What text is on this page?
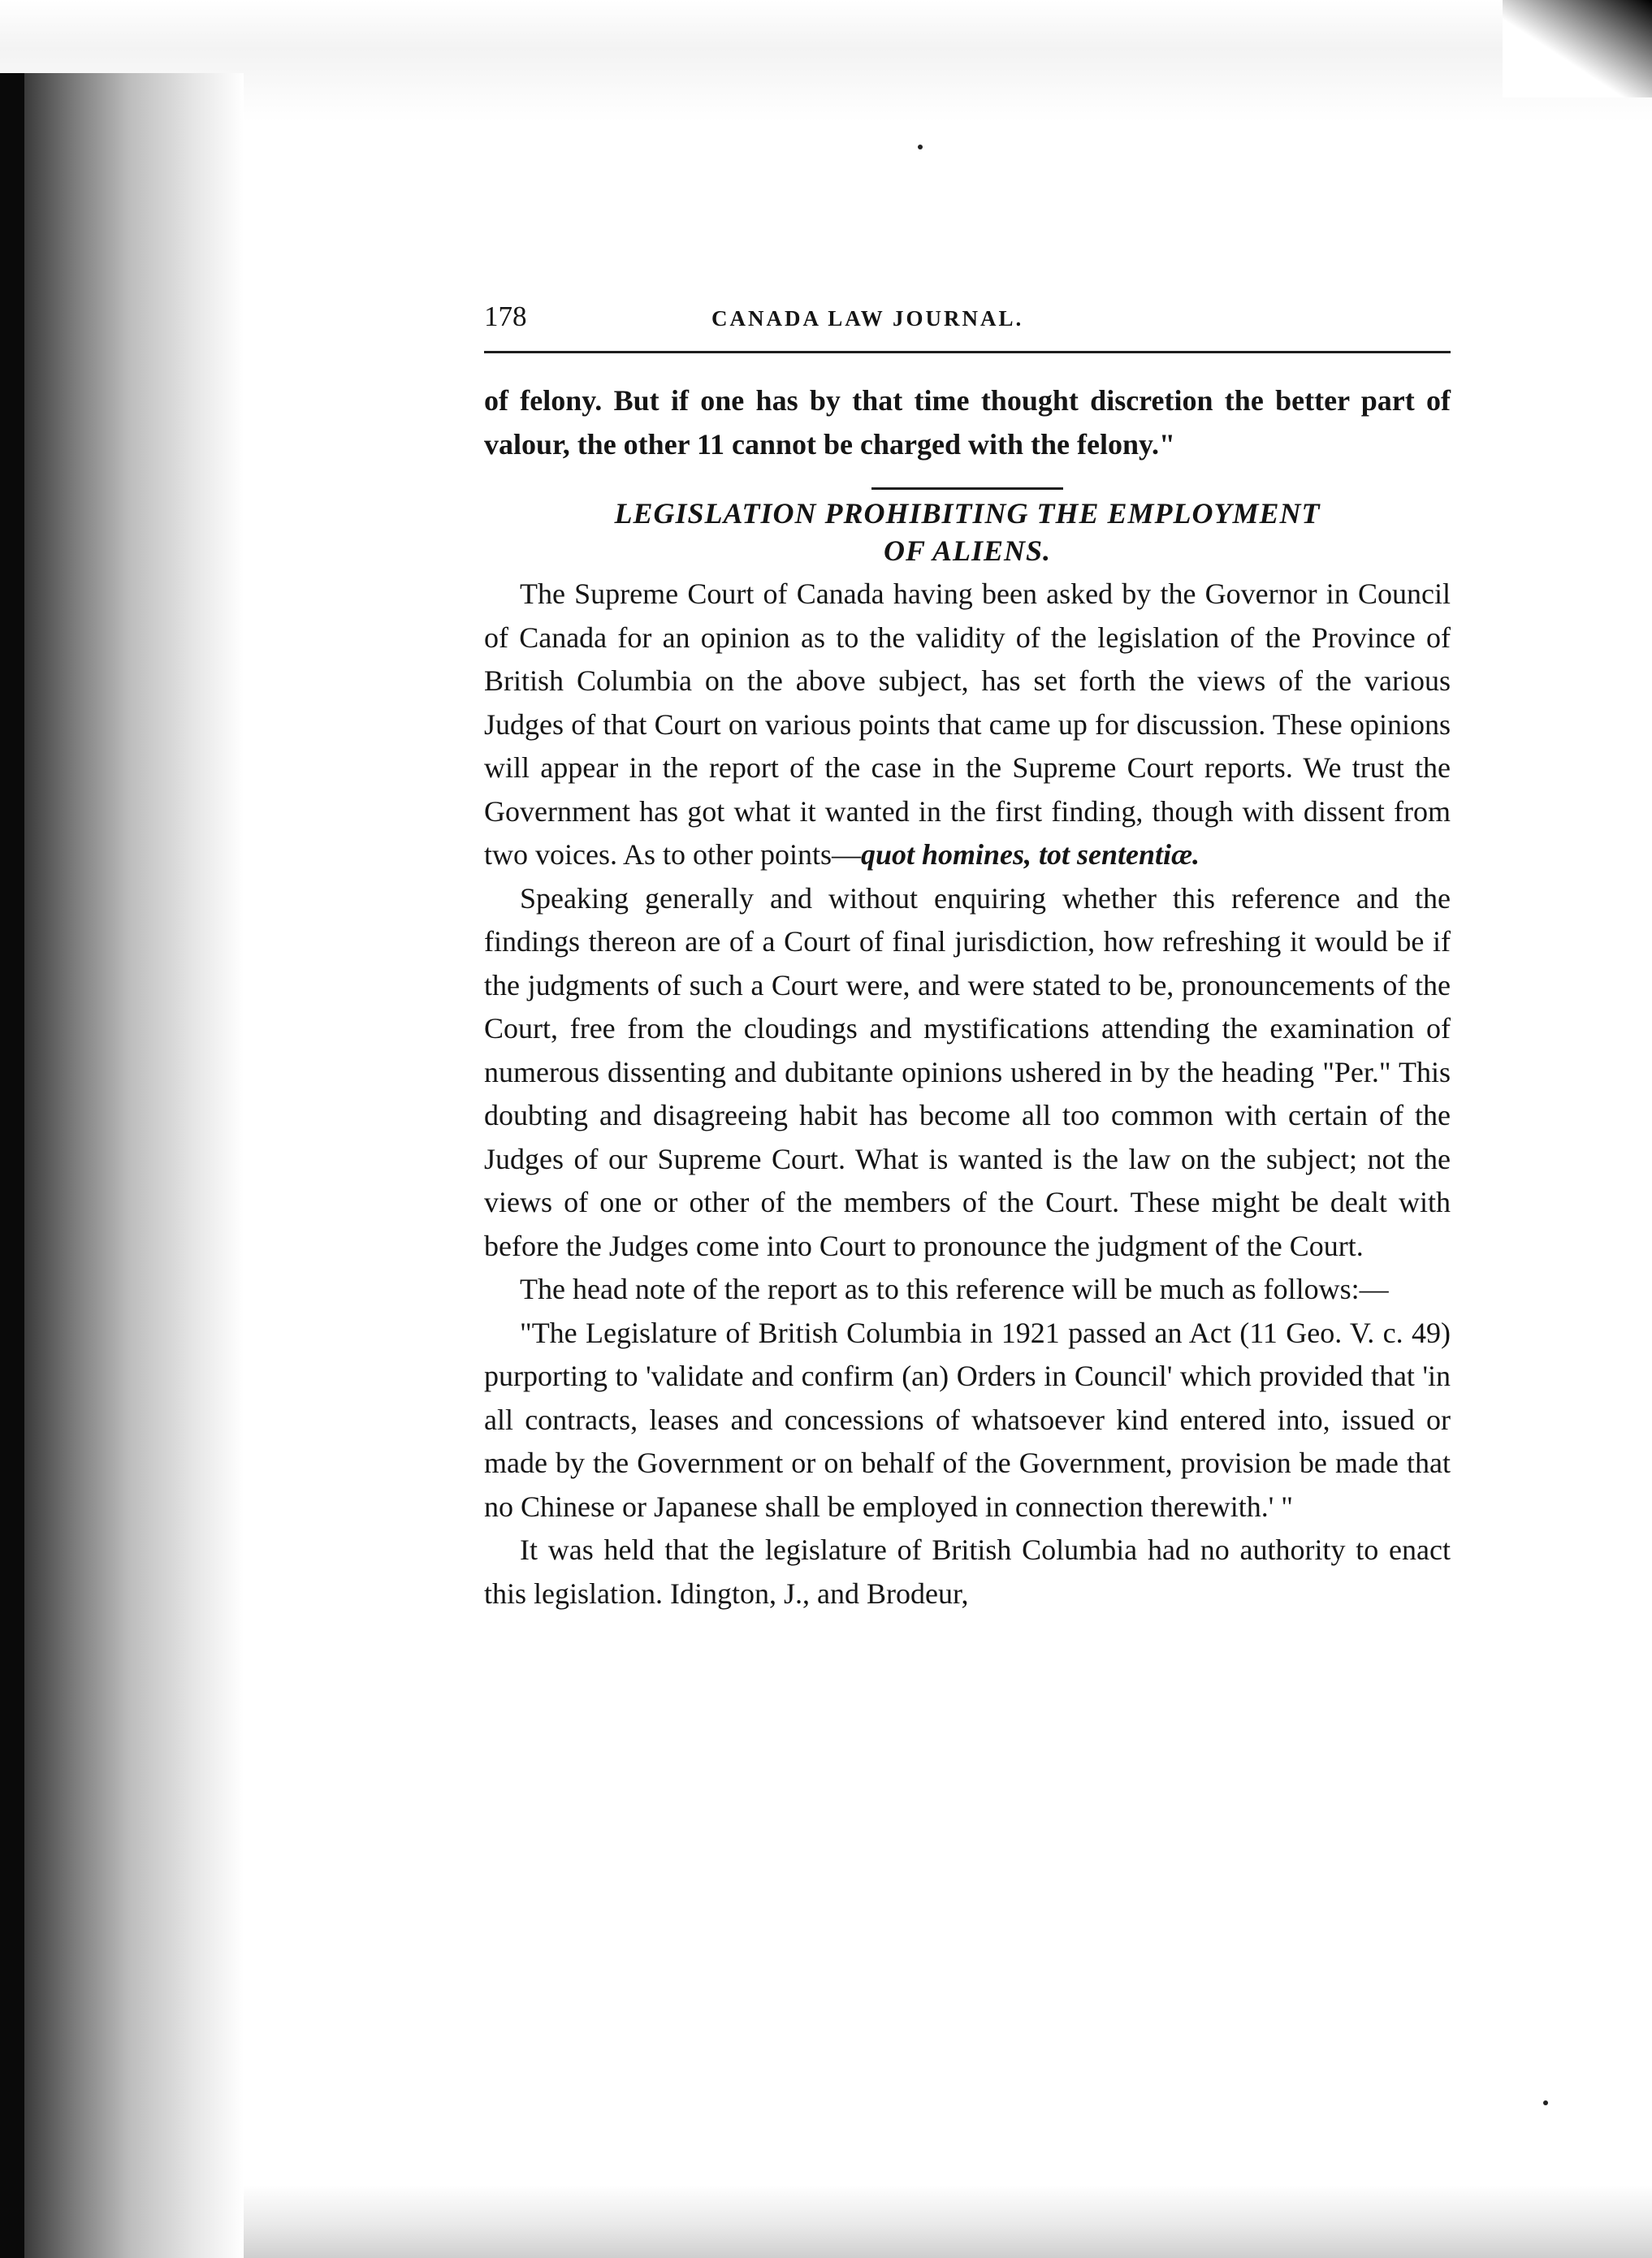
178	CANADA LAW JOURNAL.

of felony. But if one has by that time thought discretion the better part of valour, the other 11 cannot be charged with the felony."

LEGISLATION PROHIBITING THE EMPLOYMENT
OF ALIENS.

The Supreme Court of Canada having been asked by the Governor in Council of Canada for an opinion as to the validity of the legislation of the Province of British Columbia on the above subject, has set forth the views of the various Judges of that Court on various points that came up for discussion. These opinions will appear in the report of the case in the Supreme Court reports. We trust the Government has got what it wanted in the first finding, though with dissent from two voices. As to other points—quot homines, tot sententiæ.

Speaking generally and without enquiring whether this reference and the findings thereon are of a Court of final jurisdiction, how refreshing it would be if the judgments of such a Court were, and were stated to be, pronouncements of the Court, free from the cloudings and mystifications attending the examination of numerous dissenting and dubitante opinions ushered in by the heading "Per." This doubting and disagreeing habit has become all too common with certain of the Judges of our Supreme Court. What is wanted is the law on the subject; not the views of one or other of the members of the Court. These might be dealt with before the Judges come into Court to pronounce the judgment of the Court.

The head note of the report as to this reference will be much as follows:—

"The Legislature of British Columbia in 1921 passed an Act (11 Geo. V. c. 49) purporting to 'validate and confirm (an) Orders in Council' which provided that 'in all contracts, leases and concessions of whatsoever kind entered into, issued or made by the Government or on behalf of the Government, provision be made that no Chinese or Japanese shall be employed in connection therewith.' "

It was held that the legislature of British Columbia had no authority to enact this legislation. Idington, J., and Brodeur,
